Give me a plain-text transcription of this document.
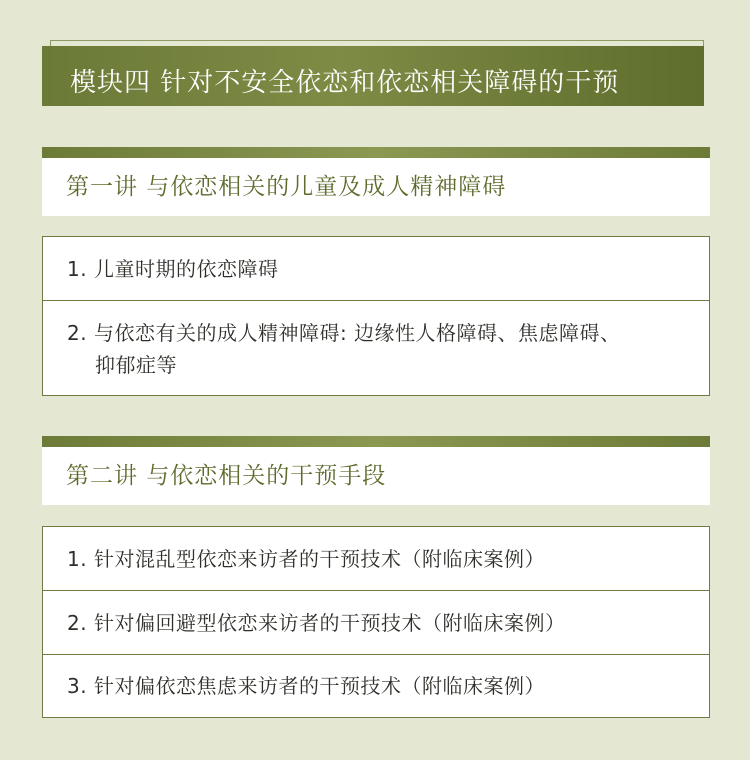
模块四 针对不安全依恋和依恋相关障碍的干预
第一讲 与依恋相关的儿童及成人精神障碍
1. 儿童时期的依恋障碍
2. 与依恋有关的成人精神障碍: 边缘性人格障碍、焦虑障碍、
抑郁症等
第二讲 与依恋相关的干预手段
1. 针对混乱型依恋来访者的干预技术（附临床案例）
2. 针对偏回避型依恋来访者的干预技术（附临床案例）
3. 针对偏依恋焦虑来访者的干预技术（附临床案例）
